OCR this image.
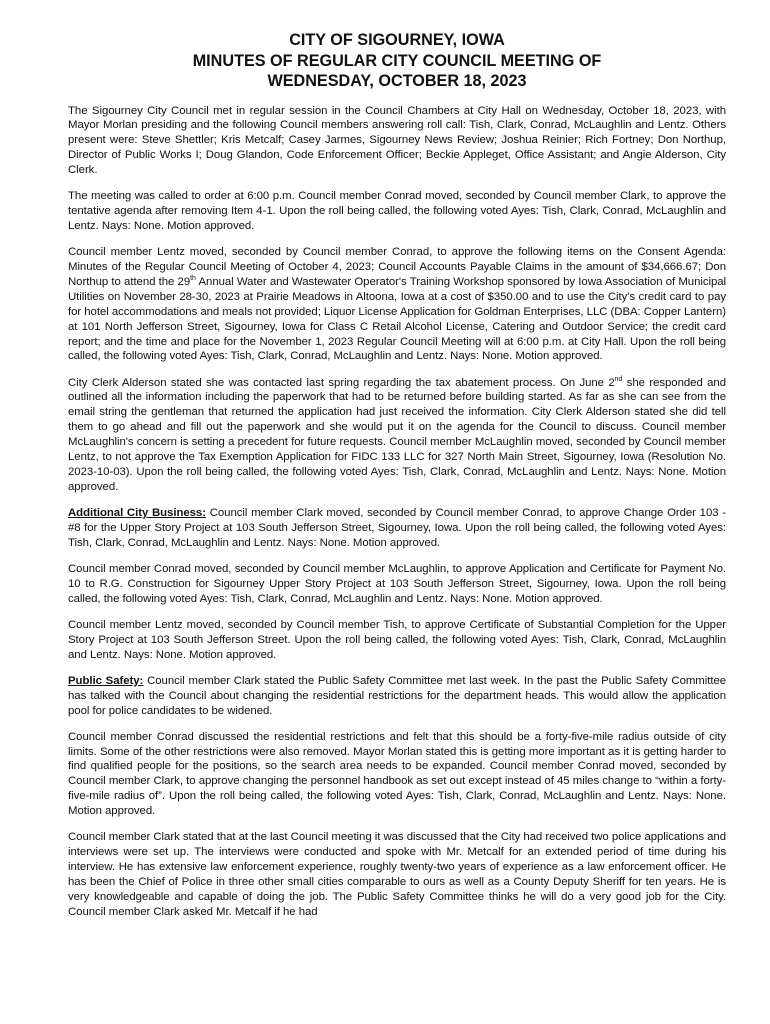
CITY OF SIGOURNEY, IOWA
MINUTES OF REGULAR CITY COUNCIL MEETING OF
WEDNESDAY, OCTOBER 18, 2023

The Sigourney City Council met in regular session in the Council Chambers at City Hall on Wednesday, October 18, 2023, with Mayor Morlan presiding and the following Council members answering roll call: Tish, Clark, Conrad, McLaughlin and Lentz. Others present were: Steve Shettler; Kris Metcalf; Casey Jarmes, Sigourney News Review; Joshua Reinier; Rich Fortney; Don Northup, Director of Public Works I; Doug Glandon, Code Enforcement Officer; Beckie Appleget, Office Assistant; and Angie Alderson, City Clerk.

The meeting was called to order at 6:00 p.m. Council member Conrad moved, seconded by Council member Clark, to approve the tentative agenda after removing Item 4-1. Upon the roll being called, the following voted Ayes: Tish, Clark, Conrad, McLaughlin and Lentz. Nays: None. Motion approved.

Council member Lentz moved, seconded by Council member Conrad, to approve the following items on the Consent Agenda: Minutes of the Regular Council Meeting of October 4, 2023; Council Accounts Payable Claims in the amount of $34,666.67; Don Northup to attend the 29th Annual Water and Wastewater Operator's Training Workshop sponsored by Iowa Association of Municipal Utilities on November 28-30, 2023 at Prairie Meadows in Altoona, Iowa at a cost of $350.00 and to use the City's credit card to pay for hotel accommodations and meals not provided; Liquor License Application for Goldman Enterprises, LLC (DBA: Copper Lantern) at 101 North Jefferson Street, Sigourney, Iowa for Class C Retail Alcohol License, Catering and Outdoor Service; the credit card report; and the time and place for the November 1, 2023 Regular Council Meeting will at 6:00 p.m. at City Hall. Upon the roll being called, the following voted Ayes: Tish, Clark, Conrad, McLaughlin and Lentz. Nays: None. Motion approved.

City Clerk Alderson stated she was contacted last spring regarding the tax abatement process. On June 2nd she responded and outlined all the information including the paperwork that had to be returned before building started. As far as she can see from the email string the gentleman that returned the application had just received the information. City Clerk Alderson stated she did tell them to go ahead and fill out the paperwork and she would put it on the agenda for the Council to discuss. Council member McLaughlin's concern is setting a precedent for future requests. Council member McLaughlin moved, seconded by Council member Lentz, to not approve the Tax Exemption Application for FIDC 133 LLC for 327 North Main Street, Sigourney, Iowa (Resolution No. 2023-10-03). Upon the roll being called, the following voted Ayes: Tish, Clark, Conrad, McLaughlin and Lentz. Nays: None. Motion approved.

Additional City Business: Council member Clark moved, seconded by Council member Conrad, to approve Change Order 103 - #8 for the Upper Story Project at 103 South Jefferson Street, Sigourney, Iowa. Upon the roll being called, the following voted Ayes: Tish, Clark, Conrad, McLaughlin and Lentz. Nays: None. Motion approved.

Council member Conrad moved, seconded by Council member McLaughlin, to approve Application and Certificate for Payment No. 10 to R.G. Construction for Sigourney Upper Story Project at 103 South Jefferson Street, Sigourney, Iowa. Upon the roll being called, the following voted Ayes: Tish, Clark, Conrad, McLaughlin and Lentz. Nays: None. Motion approved.

Council member Lentz moved, seconded by Council member Tish, to approve Certificate of Substantial Completion for the Upper Story Project at 103 South Jefferson Street. Upon the roll being called, the following voted Ayes: Tish, Clark, Conrad, McLaughlin and Lentz. Nays: None. Motion approved.

Public Safety: Council member Clark stated the Public Safety Committee met last week. In the past the Public Safety Committee has talked with the Council about changing the residential restrictions for the department heads. This would allow the application pool for police candidates to be widened.

Council member Conrad discussed the residential restrictions and felt that this should be a forty-five-mile radius outside of city limits. Some of the other restrictions were also removed. Mayor Morlan stated this is getting more important as it is getting harder to find qualified people for the positions, so the search area needs to be expanded. Council member Conrad moved, seconded by Council member Clark, to approve changing the personnel handbook as set out except instead of 45 miles change to “within a forty-five-mile radius of”. Upon the roll being called, the following voted Ayes: Tish, Clark, Conrad, McLaughlin and Lentz. Nays: None. Motion approved.

Council member Clark stated that at the last Council meeting it was discussed that the City had received two police applications and interviews were set up. The interviews were conducted and spoke with Mr. Metcalf for an extended period of time during his interview. He has extensive law enforcement experience, roughly twenty-two years of experience as a law enforcement officer. He has been the Chief of Police in three other small cities comparable to ours as well as a County Deputy Sheriff for ten years. He is very knowledgeable and capable of doing the job. The Public Safety Committee thinks he will do a very good job for the City. Council member Clark asked Mr. Metcalf if he had
